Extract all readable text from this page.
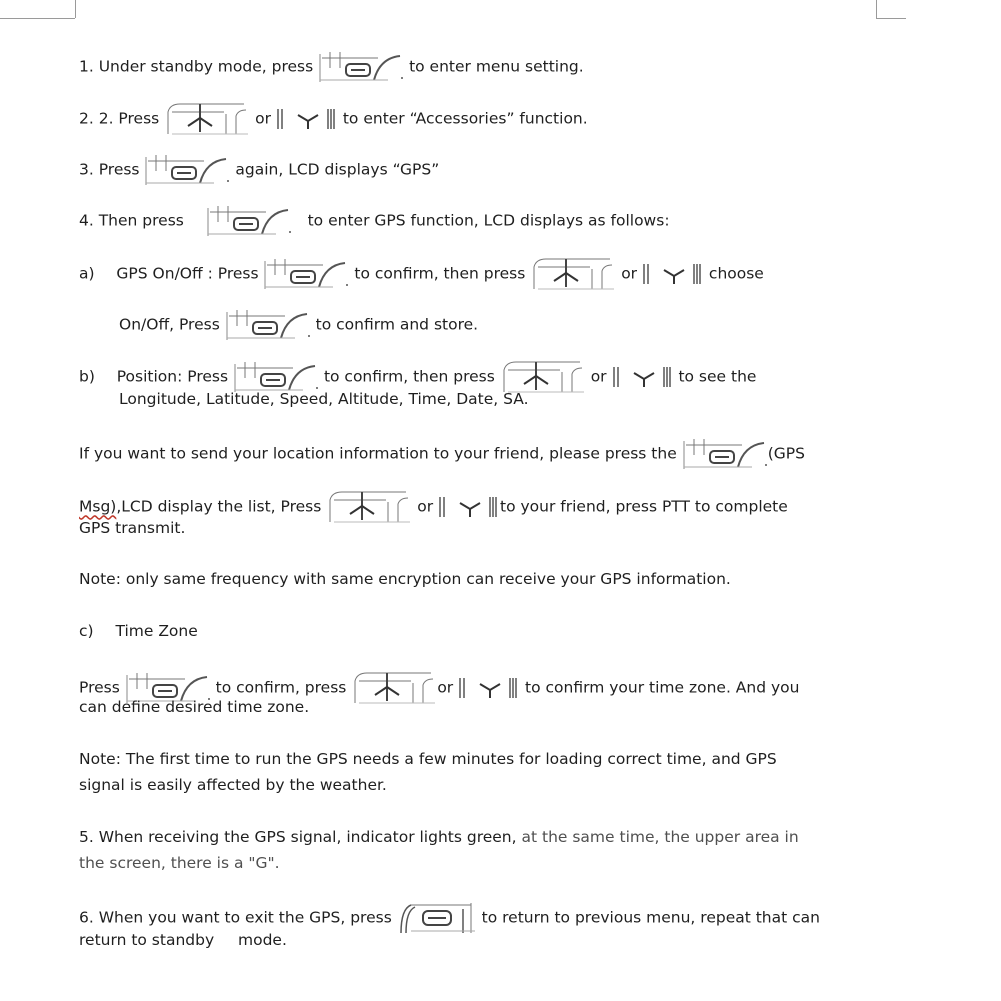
1. Under standby mode, press	to enter menu setting.
2. 2. Press	or	to enter “Accessories” function.
3. Press	again, LCD displays “GPS”
4. Then press	to enter GPS function, LCD displays as follows:
a) GPS On/Off : Press	to confirm, then press	or	choose
On/Off, Press	to confirm and store.
b) Position: Press	to confirm, then press	or	to see the
Longitude, Latitude, Speed, Altitude, Time, Date, SA.
If you want to send your location information to your friend, please press the	(GPS
Msg),LCD display the list, Press	or	to your friend, press PTT to complete
GPS transmit.
Note: only same frequency with same encryption can receive your GPS information.
c) Time Zone
Press	to confirm, press	or	to confirm your time zone. And you
can define desired time zone.
Note: The first time to run the GPS needs a few minutes for loading correct time, and GPS
signal is easily affected by the weather.
5. When receiving the GPS signal, indicator lights green, at the same time, the upper area in
the screen, there is a "G".
6. When you want to exit the GPS, press	to return to previous menu, repeat that can
return to standby mode.
